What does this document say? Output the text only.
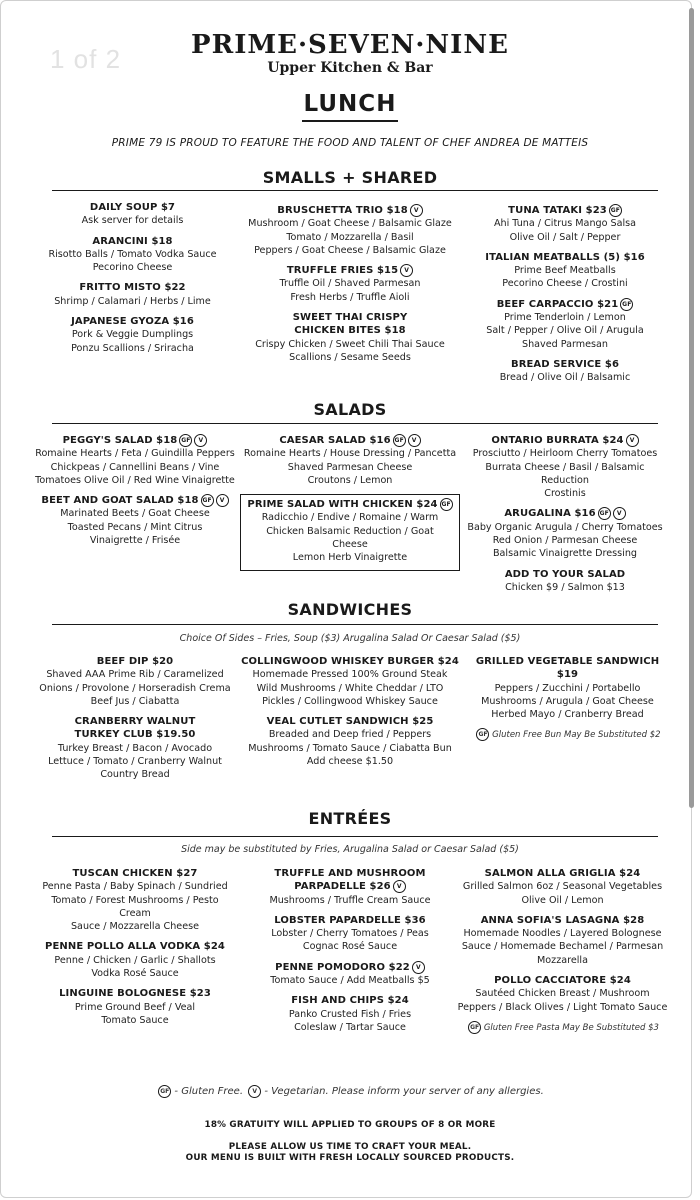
1 of 2	PRIME·SEVEN·NINE
Upper Kitchen & Bar
LUNCH
PRIME 79 IS PROUD TO FEATURE THE FOOD AND TALENT OF CHEF ANDREA DE MATTEIS
SMALLS + SHARED
DAILY SOUP $7
Ask server for details
ARANCINI $18
Risotto Balls / Tomato Vodka Sauce
Pecorino Cheese
FRITTO MISTO $22
Shrimp / Calamari / Herbs / Lime
JAPANESE GYOZA $16
Pork & Veggie Dumplings
Ponzu Scallions / Sriracha
BRUSCHETTA TRIO $18 V
Mushroom / Goat Cheese / Balsamic Glaze
Tomato / Mozzarella / Basil
Peppers / Goat Cheese / Balsamic Glaze
TRUFFLE FRIES $15 V
Truffle Oil / Shaved Parmesan
Fresh Herbs / Truffle Aioli
SWEET THAI CRISPY
CHICKEN BITES $18
Crispy Chicken / Sweet Chili Thai Sauce
Scallions / Sesame Seeds
TUNA TATAKI $23 GF
Ahi Tuna / Citrus Mango Salsa
Olive Oil / Salt / Pepper
ITALIAN MEATBALLS (5) $16
Prime Beef Meatballs
Pecorino Cheese / Crostini
BEEF CARPACCIO $21 GF
Prime Tenderloin / Lemon
Salt / Pepper / Olive Oil / Arugula
Shaved Parmesan
BREAD SERVICE $6
Bread / Olive Oil / Balsamic
SALADS
PEGGY'S SALAD $18 GF V
Romaine Hearts / Feta / Guindilla Peppers
Chickpeas / Cannellini Beans / Vine
Tomatoes Olive Oil / Red Wine Vinaigrette
BEET AND GOAT SALAD $18 GF V
Marinated Beets / Goat Cheese
Toasted Pecans / Mint Citrus
Vinaigrette / Frisée
CAESAR SALAD $16 GF V
Romaine Hearts / House Dressing / Pancetta
Shaved Parmesan Cheese
Croutons / Lemon
PRIME SALAD WITH CHICKEN $24 GF
Radicchio / Endive / Romaine / Warm
Chicken Balsamic Reduction / Goat Cheese
Lemon Herb Vinaigrette
ONTARIO BURRATA $24 V
Prosciutto / Heirloom Cherry Tomatoes
Burrata Cheese / Basil / Balsamic Reduction
Crostinis
ARUGALINA $16 GF V
Baby Organic Arugula / Cherry Tomatoes
Red Onion / Parmesan Cheese
Balsamic Vinaigrette Dressing
ADD TO YOUR SALAD
Chicken $9 / Salmon $13
SANDWICHES
Choice Of Sides – Fries, Soup ($3) Arugalina Salad Or Caesar Salad ($5)
BEEF DIP $20
Shaved AAA Prime Rib / Caramelized
Onions / Provolone / Horseradish Crema
Beef Jus / Ciabatta
CRANBERRY WALNUT
TURKEY CLUB $19.50
Turkey Breast / Bacon / Avocado
Lettuce / Tomato / Cranberry Walnut
Country Bread
COLLINGWOOD WHISKEY BURGER $24
Homemade Pressed 100% Ground Steak
Wild Mushrooms / White Cheddar / LTO
Pickles / Collingwood Whiskey Sauce
VEAL CUTLET SANDWICH $25
Breaded and Deep fried / Peppers
Mushrooms / Tomato Sauce / Ciabatta Bun
Add cheese $1.50
GRILLED VEGETABLE SANDWICH $19
Peppers / Zucchini / Portabello
Mushrooms / Arugula / Goat Cheese
Herbed Mayo / Cranberry Bread
GF Gluten Free Bun May Be Substituted $2
ENTRÉES
Side may be substituted by Fries, Arugalina Salad or Caesar Salad ($5)
TUSCAN CHICKEN $27
Penne Pasta / Baby Spinach / Sundried
Tomato / Forest Mushrooms / Pesto Cream
Sauce / Mozzarella Cheese
PENNE POLLO ALLA VODKA $24
Penne / Chicken / Garlic / Shallots
Vodka Rosé Sauce
LINGUINE BOLOGNESE $23
Prime Ground Beef / Veal
Tomato Sauce
TRUFFLE AND MUSHROOM
PARPADELLE $26 V
Mushrooms / Truffle Cream Sauce
LOBSTER PAPARDELLE $36
Lobster / Cherry Tomatoes / Peas
Cognac Rosé Sauce
PENNE POMODORO $22 V
Tomato Sauce / Add Meatballs $5
FISH AND CHIPS $24
Panko Crusted Fish / Fries
Coleslaw / Tartar Sauce
SALMON ALLA GRIGLIA $24
Grilled Salmon 6oz / Seasonal Vegetables
Olive Oil / Lemon
ANNA SOFIA'S LASAGNA $28
Homemade Noodles / Layered Bolognese
Sauce / Homemade Bechamel / Parmesan
Mozzarella
POLLO CACCIATORE $24
Sautéed Chicken Breast / Mushroom
Peppers / Black Olives / Light Tomato Sauce
GF Gluten Free Pasta May Be Substituted $3
GF - Gluten Free. V - Vegetarian. Please inform your server of any allergies.
18% GRATUITY WILL APPLIED TO GROUPS OF 8 OR MORE
PLEASE ALLOW US TIME TO CRAFT YOUR MEAL.
OUR MENU IS BUILT WITH FRESH LOCALLY SOURCED PRODUCTS.
